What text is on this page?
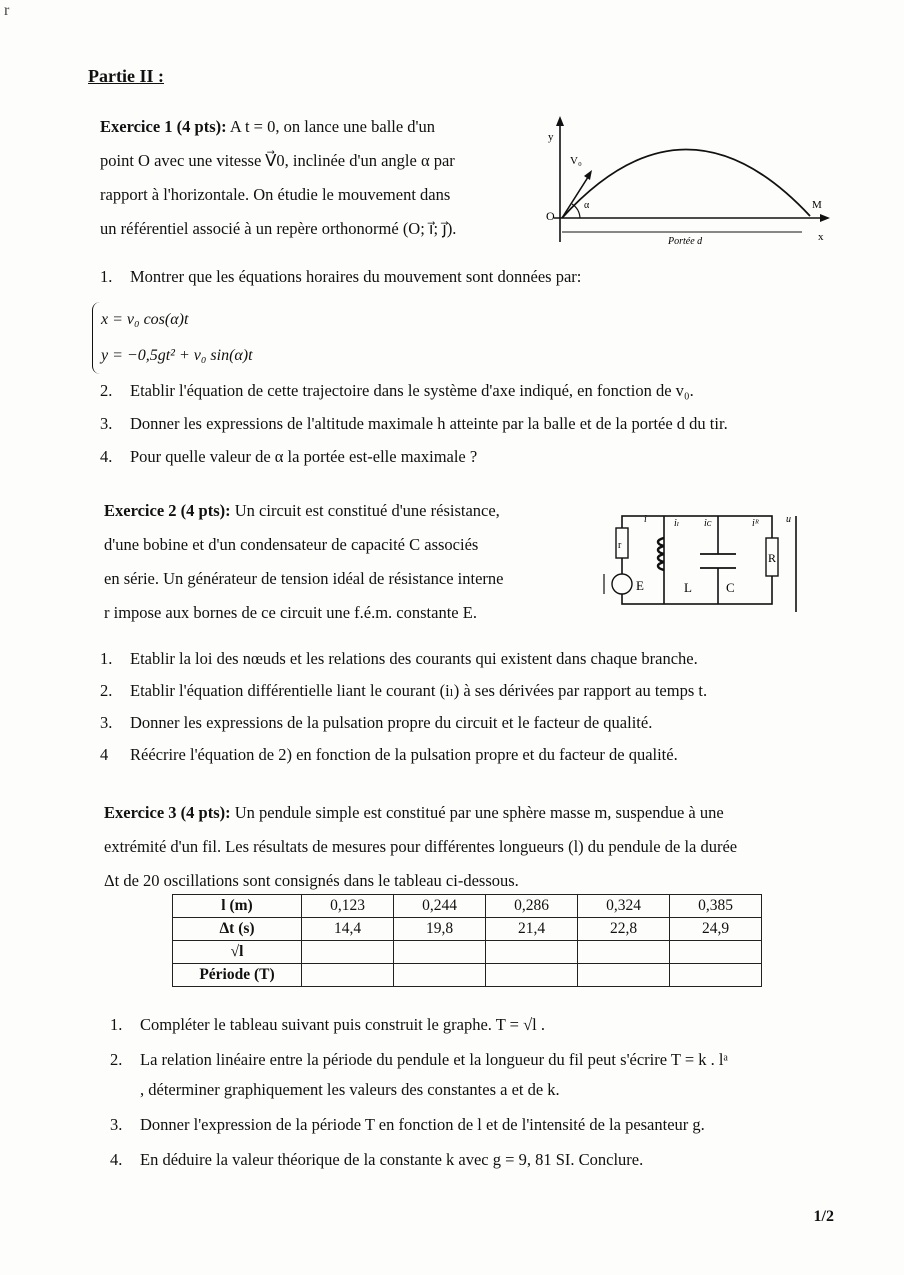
r
Partie II :
Exercice 1 (4 pts): A t = 0, on lance une balle d'un
point O avec une vitesse V⃗0, inclinée d'un angle α par
rapport à l'horizontale. On étudie le mouvement dans
un référentiel associé à un repère orthonormé (O; i⃗; j⃗).
V₀
α
O
M
y
x
Portée d
1. Montrer que les équations horaires du mouvement sont données par:
x = v₀ cos(α)t
y = −0,5gt² + v₀ sin(α)t
2. Etablir l'équation de cette trajectoire dans le système d'axe indiqué, en fonction de v₀.
3. Donner les expressions de l'altitude maximale h atteinte par la balle et de la portée d du tir.
4. Pour quelle valeur de α la portée est-elle maximale ?
Exercice 2 (4 pts): Un circuit est constitué d'une résistance,
d'une bobine et d'un condensateur de capacité C associés
en série. Un générateur de tension idéal de résistance interne
r impose aux bornes de ce circuit une f.é.m. constante E.
i	iₗ iᴄ	iᴿ	u
r
E	L	C
R
1. Etablir la loi des nœuds et les relations des courants qui existent dans chaque branche.
2. Etablir l'équation différentielle liant le courant (iₗ) à ses dérivées par rapport au temps t.
3. Donner les expressions de la pulsation propre du circuit et le facteur de qualité.
4 Réécrire l'équation de 2) en fonction de la pulsation propre et du facteur de qualité.
Exercice 3 (4 pts): Un pendule simple est constitué par une sphère masse m, suspendue à une
extrémité d'un fil. Les résultats de mesures pour différentes longueurs (l) du pendule de la durée
Δt de 20 oscillations sont consignés dans le tableau ci-dessous.
l (m)	0,123	0,244	0,286	0,324	0,385
Δt (s)	14,4	19,8	21,4	22,8	24,9
√l					
Période (T)					
1. Compléter le tableau suivant puis construit le graphe. T = √l .
2. La relation linéaire entre la période du pendule et la longueur du fil peut s'écrire T = k . lᵃ
, déterminer graphiquement les valeurs des constantes a et de k.
3. Donner l'expression de la période T en fonction de l et de l'intensité de la pesanteur g.
4. En déduire la valeur théorique de la constante k avec g = 9, 81 SI. Conclure.
1/2
